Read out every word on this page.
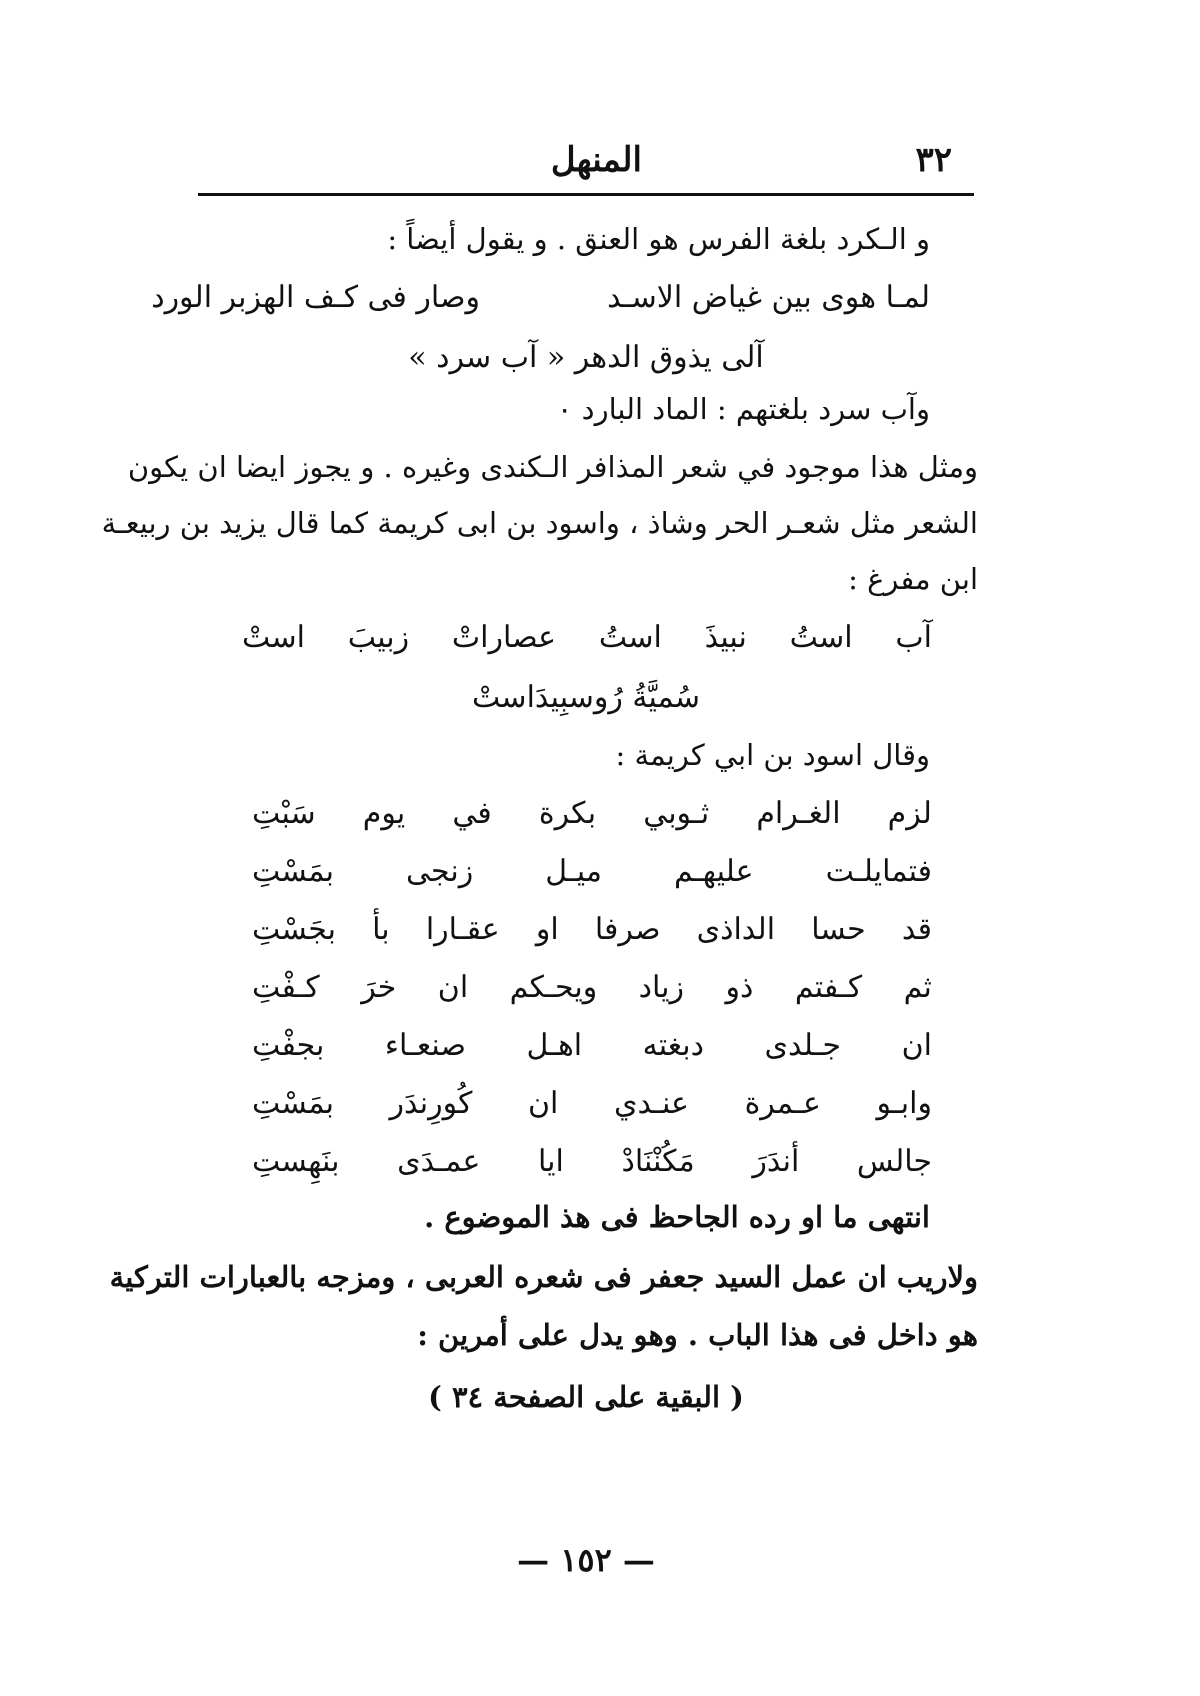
المنهل	٣٢
و الـكرد بلغة الفرس هو العنق . و يقول أيضاً :
لمـا هوى بين غياض الاسـد
وصار فى كـف الهزبر الورد
آلى يذوق الدهر « آب سرد »
وآب سرد بلغتهم : الماد البارد ٠
ومثل هذا موجود في شعر المذافر الـكندى وغيره . و يجوز ايضا ان يكون
الشعر مثل شعـر الحر وشاذ ، واسود بن ابى كريمة كما قال يزيد بن ربيعـة
ابن مفرغ :
آب
استُ
نبيذَ
استُ
عصاراتْ
زبيبَ
استْ
سُميَّةُ رُوسبِيدَاستْ
وقال اسود بن ابي كريمة :
لزم
الغـرام
ثـوبي
بكرة
في
يوم
سَبْتِ
فتمايلـت
عليهـم
ميـل
زنجى
بمَسْتِ
قد
حسا
الداذى
صرفا
او
عقـارا
بأ
بجَسْتِ
ثم
كـفتم
ذو
زياد
ويحـكم
ان
خرَ
كـفْتِ
ان
جـلدى
دبغته
اهـل
صنعـاء
بجفْتِ
وابـو
عـمرة
عنـدي
ان
كُورِندَر
بمَسْتِ
جالس
أندَرَ
مَكُنْنَادْ
ايا
عمـدَى
بنَهِستِ
انتهى ما او رده الجاحظ فى هذ الموضوع .
ولاريب ان عمل السيد جعفر فى شعره العربى ، ومزجه بالعبارات التركية
هو داخل فى هذا الباب . وهو يدل على أمرين :
( البقية على الصفحة ٣٤ )
— ١٥٢ —
